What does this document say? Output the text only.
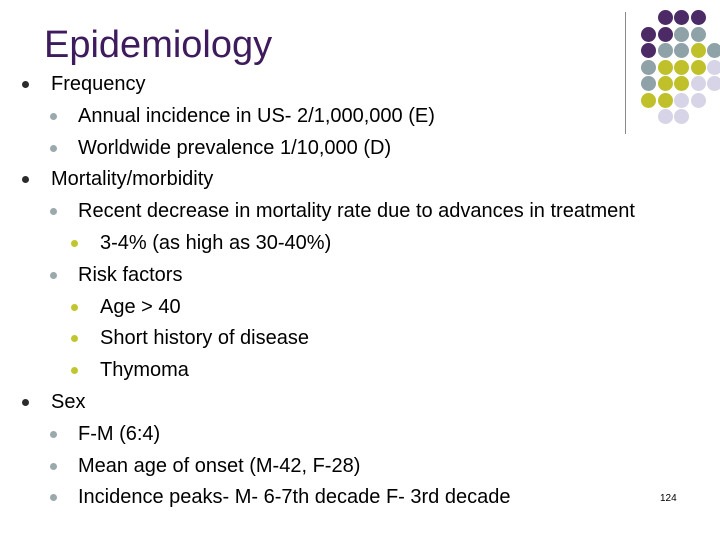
Epidemiology
Frequency
Annual incidence in US- 2/1,000,000 (E)
Worldwide prevalence 1/10,000 (D)
Mortality/morbidity
Recent decrease in mortality rate due to advances in treatment
3-4% (as high as 30-40%)
Risk factors
Age > 40
Short history of disease
Thymoma
Sex
F-M (6:4)
Mean age of onset (M-42, F-28)
Incidence peaks- M- 6-7th decade F- 3rd decade	124
